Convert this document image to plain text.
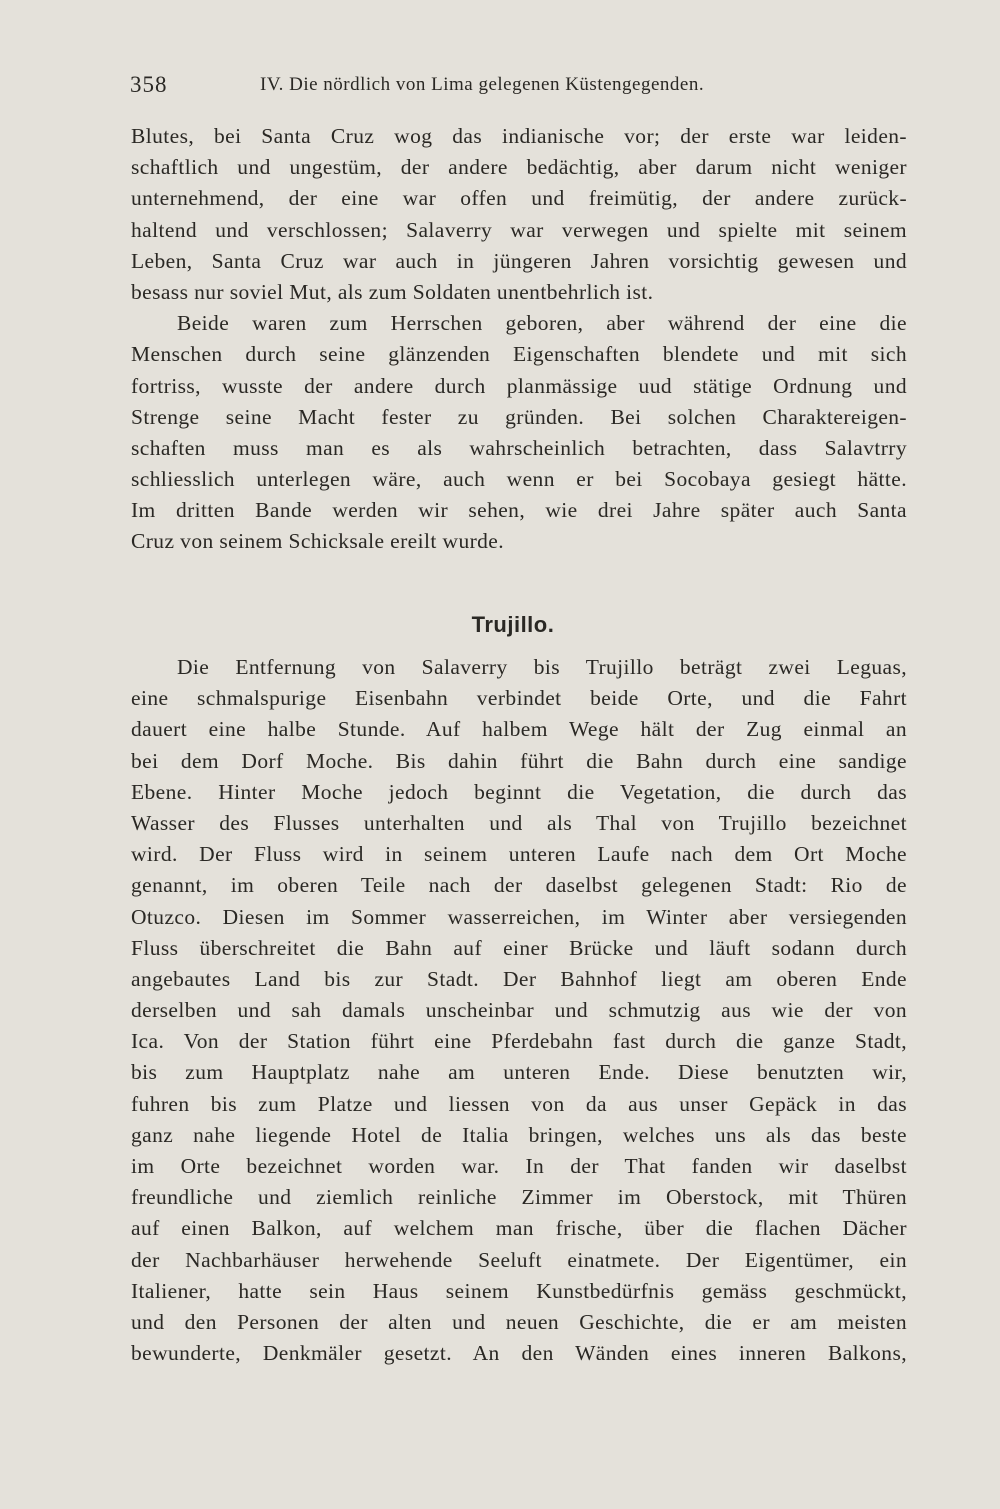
358	IV. Die nördlich von Lima gelegenen Küstengegenden.
Blutes, bei Santa Cruz wog das indianische vor; der erste war leiden-
schaftlich und ungestüm, der andere bedächtig, aber darum nicht weniger
unternehmend, der eine war offen und freimütig, der andere zurück-
haltend und verschlossen; Salaverry war verwegen und spielte mit seinem
Leben, Santa Cruz war auch in jüngeren Jahren vorsichtig gewesen und
besass nur soviel Mut, als zum Soldaten unentbehrlich ist.
Beide waren zum Herrschen geboren, aber während der eine die
Menschen durch seine glänzenden Eigenschaften blendete und mit sich
fortriss, wusste der andere durch planmässige uud stätige Ordnung und
Strenge seine Macht fester zu gründen. Bei solchen Charaktereigen-
schaften muss man es als wahrscheinlich betrachten, dass Salavtrry
schliesslich unterlegen wäre, auch wenn er bei Socobaya gesiegt hätte.
Im dritten Bande werden wir sehen, wie drei Jahre später auch Santa
Cruz von seinem Schicksale ereilt wurde.
Trujillo.
Die Entfernung von Salaverry bis Trujillo beträgt zwei Leguas,
eine schmalspurige Eisenbahn verbindet beide Orte, und die Fahrt
dauert eine halbe Stunde. Auf halbem Wege hält der Zug einmal an
bei dem Dorf Moche. Bis dahin führt die Bahn durch eine sandige
Ebene. Hinter Moche jedoch beginnt die Vegetation, die durch das
Wasser des Flusses unterhalten und als Thal von Trujillo bezeichnet
wird. Der Fluss wird in seinem unteren Laufe nach dem Ort Moche
genannt, im oberen Teile nach der daselbst gelegenen Stadt: Rio de
Otuzco. Diesen im Sommer wasserreichen, im Winter aber versiegenden
Fluss überschreitet die Bahn auf einer Brücke und läuft sodann durch
angebautes Land bis zur Stadt. Der Bahnhof liegt am oberen Ende
derselben und sah damals unscheinbar und schmutzig aus wie der von
Ica. Von der Station führt eine Pferdebahn fast durch die ganze Stadt,
bis zum Hauptplatz nahe am unteren Ende. Diese benutzten wir,
fuhren bis zum Platze und liessen von da aus unser Gepäck in das
ganz nahe liegende Hotel de Italia bringen, welches uns als das beste
im Orte bezeichnet worden war. In der That fanden wir daselbst
freundliche und ziemlich reinliche Zimmer im Oberstock, mit Thüren
auf einen Balkon, auf welchem man frische, über die flachen Dächer
der Nachbarhäuser herwehende Seeluft einatmete. Der Eigentümer, ein
Italiener, hatte sein Haus seinem Kunstbedürfnis gemäss geschmückt,
und den Personen der alten und neuen Geschichte, die er am meisten
bewunderte, Denkmäler gesetzt. An den Wänden eines inneren Balkons,
